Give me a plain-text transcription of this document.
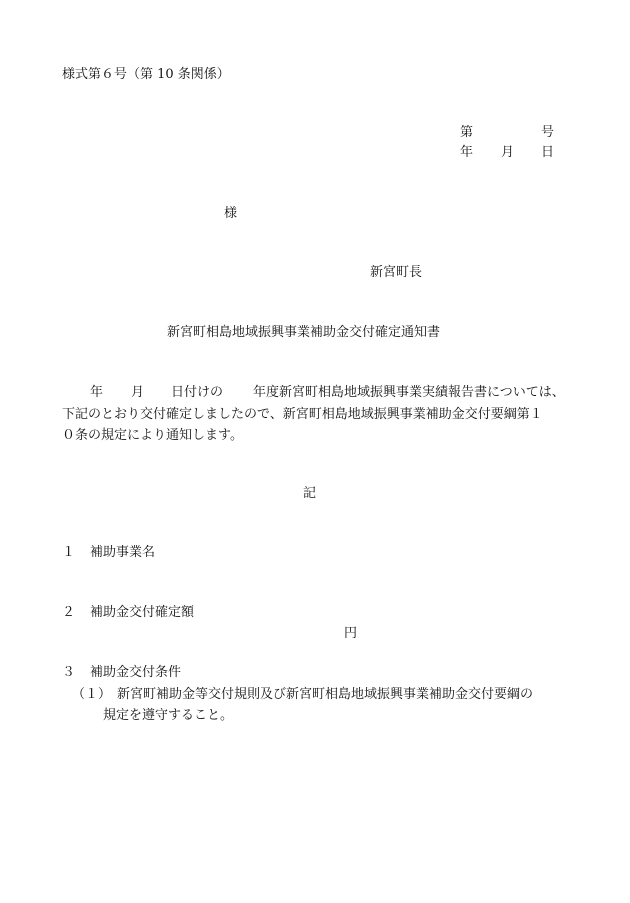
様式第６号（第 10 条関係）
第	号
年 月 日
様
新宮町長
新宮町相島地域振興事業補助金交付確定通知書
年 月 日付けの 年度新宮町相島地域振興事業実績報告書については、
下記のとおり交付確定しましたので、新宮町相島地域振興事業補助金交付要綱第１
０条の規定により通知します。
記
１ 補助事業名
２ 補助金交付確定額
円
３ 補助金交付条件
（１） 新宮町補助金等交付規則及び新宮町相島地域振興事業補助金交付要綱の
規定を遵守すること。
